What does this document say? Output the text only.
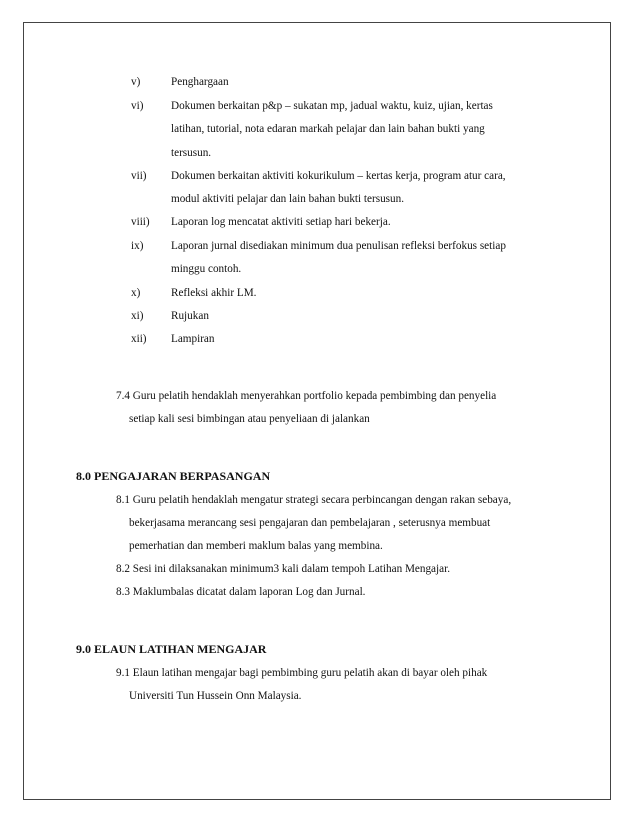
v)	Penghargaan
vi) Dokumen berkaitan p&p – sukatan mp, jadual waktu, kuiz, ujian, kertas
latihan, tutorial, nota edaran markah pelajar dan lain bahan bukti yang
tersusun.
vii) Dokumen berkaitan aktiviti kokurikulum – kertas kerja, program atur cara,
modul aktiviti pelajar dan lain bahan bukti tersusun.
viii) Laporan log mencatat aktiviti setiap hari bekerja.
ix) Laporan jurnal disediakan minimum dua penulisan refleksi berfokus setiap
minggu contoh.
x)	Refleksi akhir LM.
xi) Rujukan
xii) Lampiran
7.4 Guru pelatih hendaklah menyerahkan portfolio kepada pembimbing dan penyelia
setiap kali sesi bimbingan atau penyeliaan di jalankan
8.0 PENGAJARAN BERPASANGAN
8.1 Guru pelatih hendaklah mengatur strategi secara perbincangan dengan rakan sebaya,
bekerjasama merancang sesi pengajaran dan pembelajaran , seterusnya membuat
pemerhatian dan memberi maklum balas yang membina.
8.2 Sesi ini dilaksanakan minimum3 kali dalam tempoh Latihan Mengajar.
8.3 Maklumbalas dicatat dalam laporan Log dan Jurnal.
9.0 ELAUN LATIHAN MENGAJAR
9.1 Elaun latihan mengajar bagi pembimbing guru pelatih akan di bayar oleh pihak
Universiti Tun Hussein Onn Malaysia.
